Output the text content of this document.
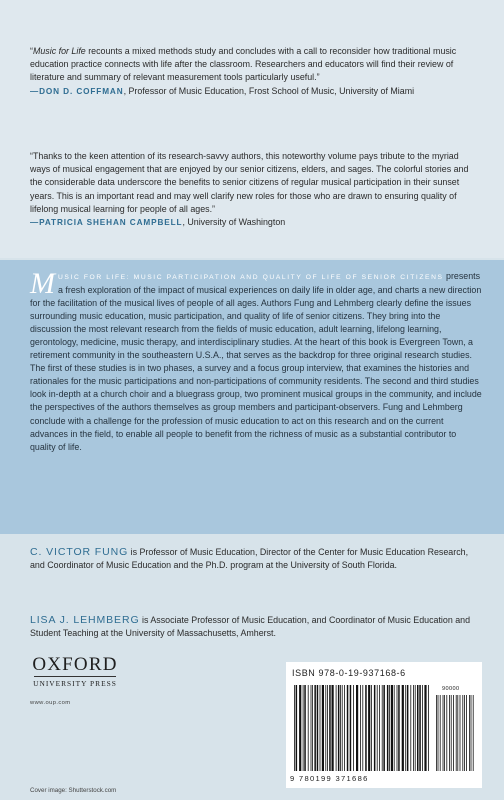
“Music for Life recounts a mixed methods study and concludes with a call to reconsider how traditional music education practice connects with life after the classroom. Researchers and educators will find their review of literature and summary of relevant measurement tools particularly useful.”
—DON D. COFFMAN, Professor of Music Education, Frost School of Music, University of Miami
“Thanks to the keen attention of its research-savvy authors, this noteworthy volume pays tribute to the myriad ways of musical engagement that are enjoyed by our senior citizens, elders, and sages. The colorful stories and the considerable data underscore the benefits to senior citizens of regular musical participation in their sunset years. This is an important read and may well clarify new roles for those who are drawn to ensuring quality of lifelong musical learning for people of all ages.”
—PATRICIA SHEHAN CAMPBELL, University of Washington
MUSIC FOR LIFE: MUSIC PARTICIPATION AND QUALITY OF LIFE OF SENIOR CITIZENS presents a fresh exploration of the impact of musical experiences on daily life in older age, and charts a new direction for the facilitation of the musical lives of people of all ages. Authors Fung and Lehmberg clearly define the issues surrounding music education, music participation, and quality of life of senior citizens. They bring into the discussion the most relevant research from the fields of music education, adult learning, lifelong learning, gerontology, medicine, music therapy, and interdisciplinary studies. At the heart of this book is Evergreen Town, a retirement community in the southeastern U.S.A., that serves as the backdrop for three original research studies. The first of these studies is in two phases, a survey and a focus group interview, that examines the histories and rationales for the music participations and non-participations of community residents. The second and third studies look in-depth at a church choir and a bluegrass group, two prominent musical groups in the community, and include the perspectives of the authors themselves as group members and participant-observers. Fung and Lehmberg conclude with a challenge for the profession of music education to act on this research and on the current advances in the field, to enable all people to benefit from the richness of music as a substantial contributor to quality of life.
C. VICTOR FUNG is Professor of Music Education, Director of the Center for Music Education Research, and Coordinator of Music Education and the Ph.D. program at the University of South Florida.
LISA J. LEHMBERG is Associate Professor of Music Education, and Coordinator of Music Education and Student Teaching at the University of Massachusetts, Amherst.
OXFORD
UNIVERSITY PRESS
www.oup.com
Cover image: Shutterstock.com
ISBN 978-0-19-937168-6
90000
9 780199 371686
